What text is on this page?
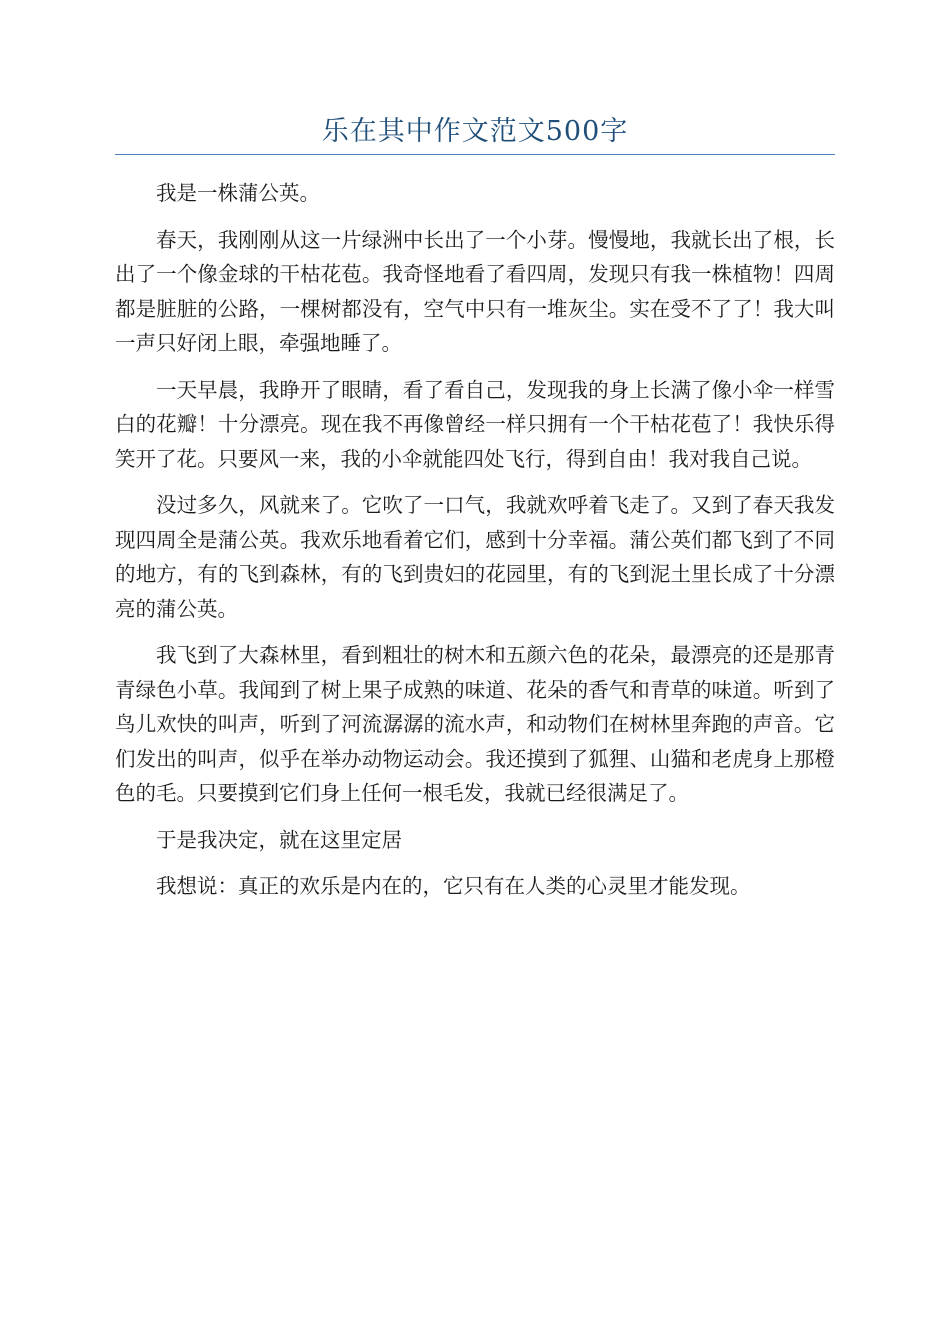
乐在其中作文范文500字

我是一株蒲公英。

春天，我刚刚从这一片绿洲中长出了一个小芽。慢慢地，我就长出了根，长出了一个像金球的干枯花苞。我奇怪地看了看四周，发现只有我一株植物！四周都是脏脏的公路，一棵树都没有，空气中只有一堆灰尘。实在受不了了！我大叫一声只好闭上眼，牵强地睡了。

一天早晨，我睁开了眼睛，看了看自己，发现我的身上长满了像小伞一样雪白的花瓣！十分漂亮。现在我不再像曾经一样只拥有一个干枯花苞了！我快乐得笑开了花。只要风一来，我的小伞就能四处飞行，得到自由！我对我自己说。

没过多久，风就来了。它吹了一口气，我就欢呼着飞走了。又到了春天我发现四周全是蒲公英。我欢乐地看着它们，感到十分幸福。蒲公英们都飞到了不同的地方，有的飞到森林，有的飞到贵妇的花园里，有的飞到泥土里长成了十分漂亮的蒲公英。

我飞到了大森林里，看到粗壮的树木和五颜六色的花朵，最漂亮的还是那青青绿色小草。我闻到了树上果子成熟的味道、花朵的香气和青草的味道。听到了鸟儿欢快的叫声，听到了河流潺潺的流水声，和动物们在树林里奔跑的声音。它们发出的叫声，似乎在举办动物运动会。我还摸到了狐狸、山猫和老虎身上那橙色的毛。只要摸到它们身上任何一根毛发，我就已经很满足了。

于是我决定，就在这里定居

我想说：真正的欢乐是内在的，它只有在人类的心灵里才能发现。
